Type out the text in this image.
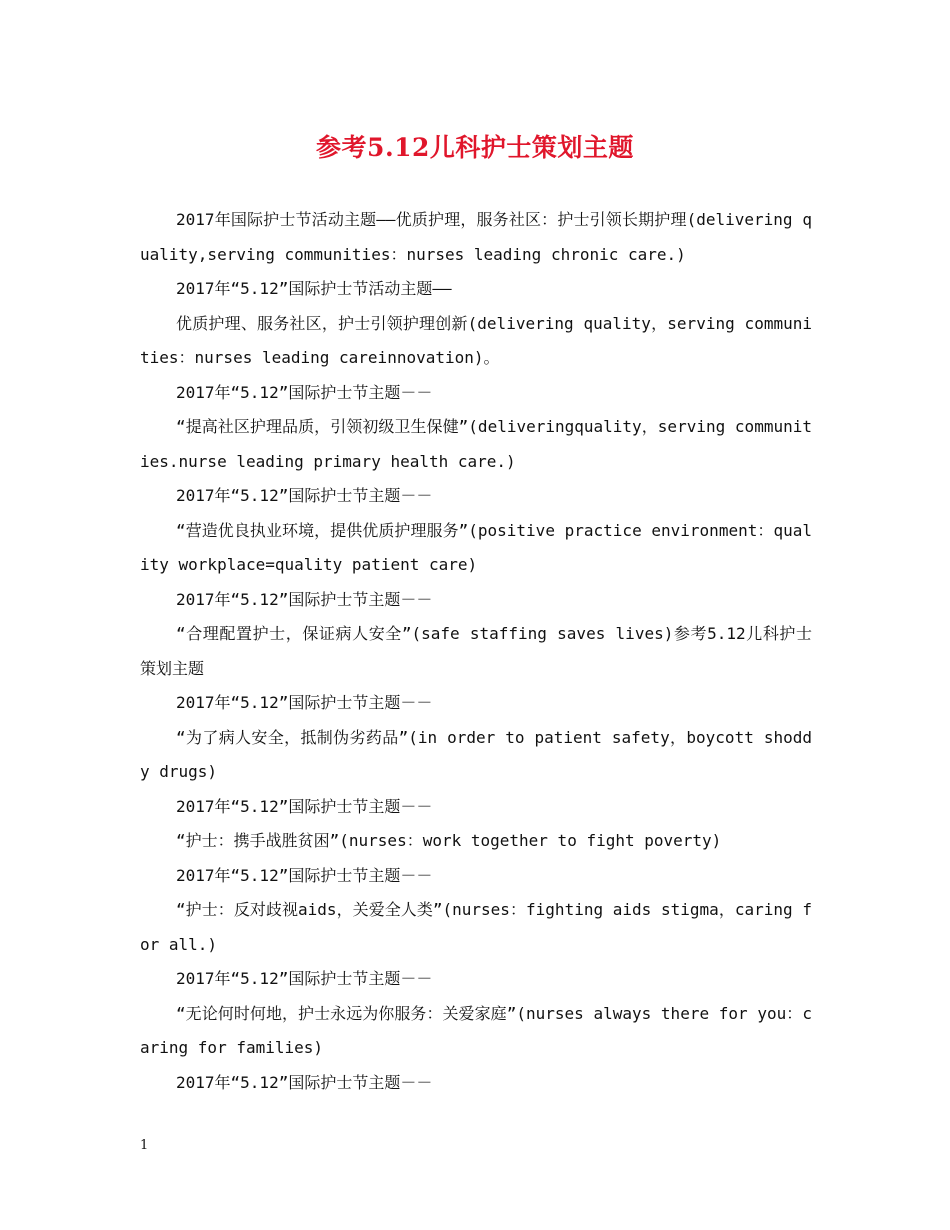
参考5.12儿科护士策划主题

2017年国际护士节活动主题——优质护理，服务社区：护士引领长期护理(delivering quality,serving communities：nurses leading chronic care.)

2017年“5.12”国际护士节活动主题——

优质护理、服务社区，护士引领护理创新(delivering quality，serving communities：nurses leading careinnovation)。

2017年“5.12”国际护士节主题－－

“提高社区护理品质，引领初级卫生保健”(deliveringquality，serving communities.nurse leading primary health care.)

2017年“5.12”国际护士节主题－－

“营造优良执业环境，提供优质护理服务”(positive practice environment：quality workplace=quality patient care)

2017年“5.12”国际护士节主题－－

“合理配置护士，保证病人安全”(safe staffing saves lives)参考5.12儿科护士策划主题

2017年“5.12”国际护士节主题－－

“为了病人安全，抵制伪劣药品”(in order to patient safety，boycott shoddy drugs)

2017年“5.12”国际护士节主题－－

“护士：携手战胜贫困”(nurses：work together to fight poverty)

2017年“5.12”国际护士节主题－－

“护士：反对歧视aids，关爱全人类”(nurses：fighting aids stigma，caring for all.)

2017年“5.12”国际护士节主题－－

“无论何时何地，护士永远为你服务：关爱家庭”(nurses always there for you：caring for families)

2017年“5.12”国际护士节主题－－

1
